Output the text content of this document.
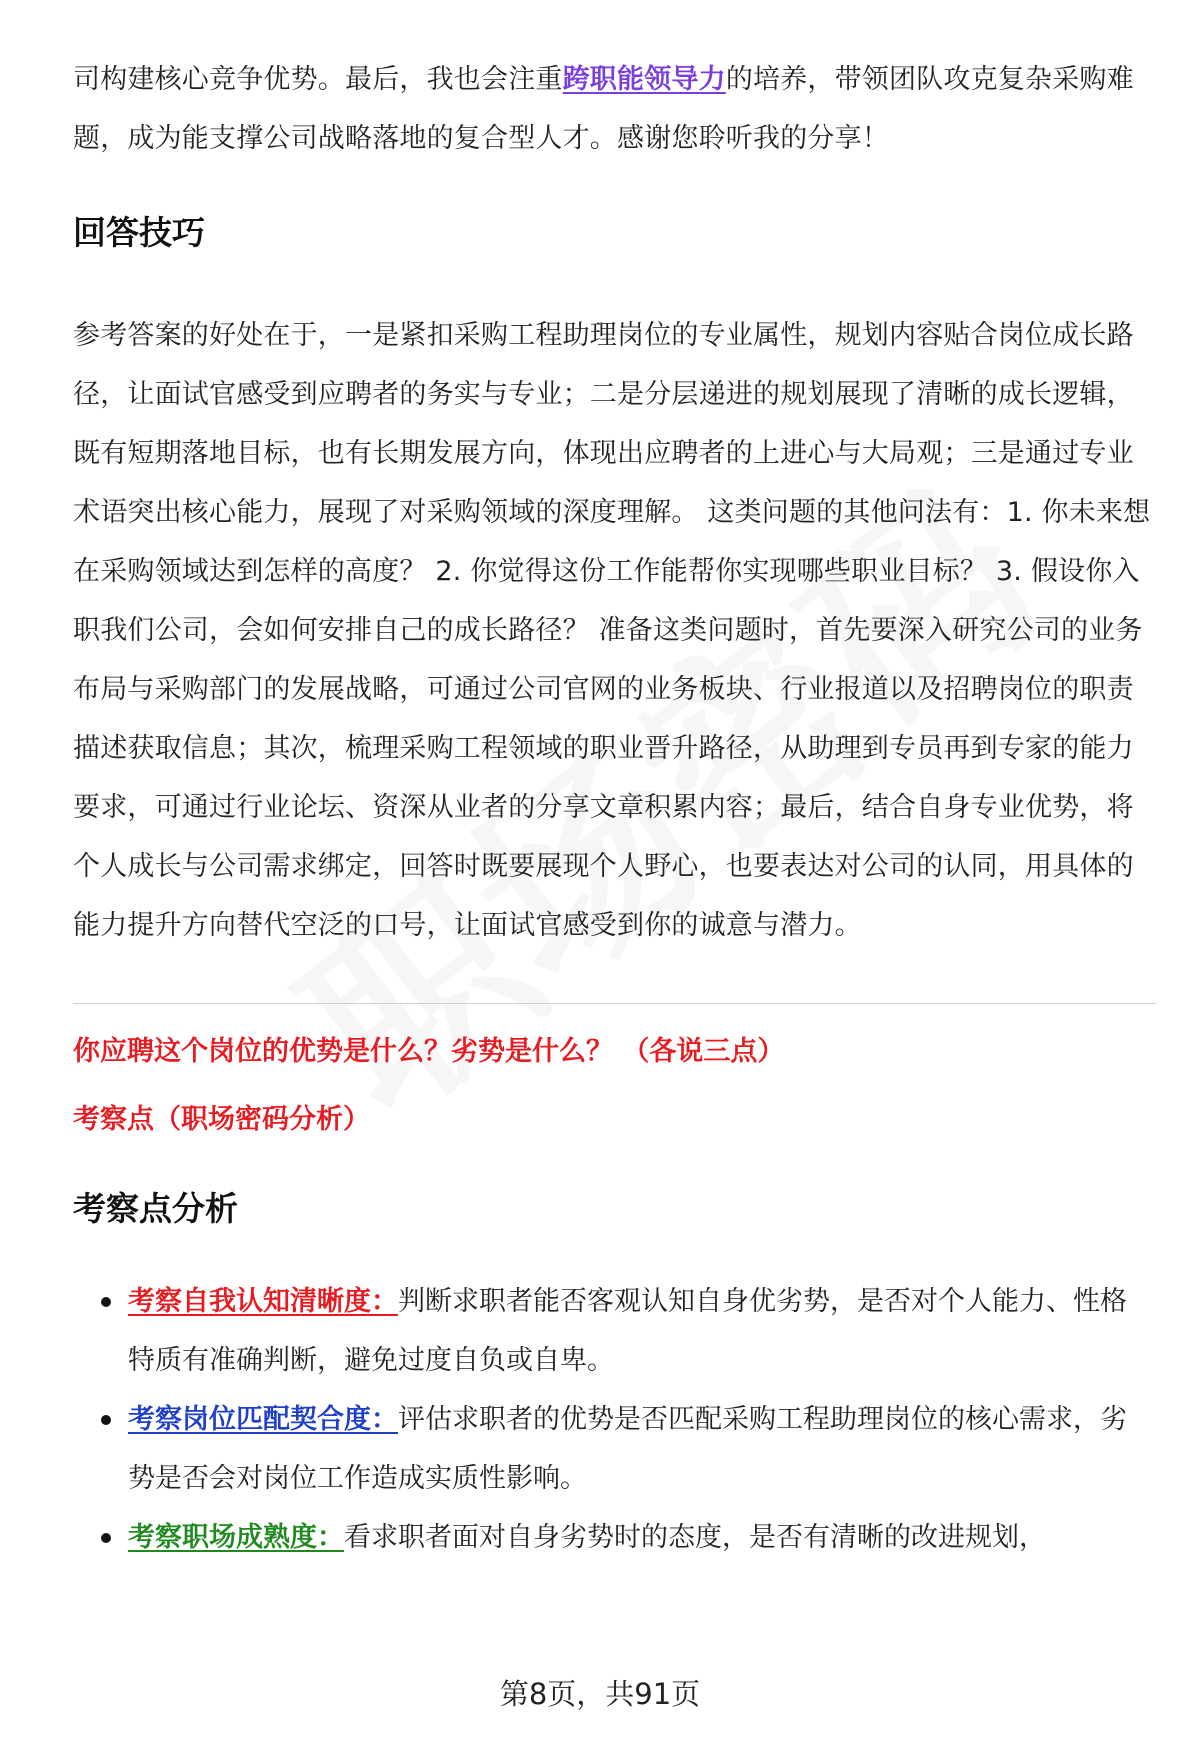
司构建核心竞争优势。最后，我也会注重跨职能领导力的培养，带领团队攻克复杂采购难题，成为能支撑公司战略落地的复合型人才。感谢您聆听我的分享！

回答技巧

参考答案的好处在于，一是紧扣采购工程助理岗位的专业属性，规划内容贴合岗位成长路径，让面试官感受到应聘者的务实与专业；二是分层递进的规划展现了清晰的成长逻辑，既有短期落地目标，也有长期发展方向，体现出应聘者的上进心与大局观；三是通过专业术语突出核心能力，展现了对采购领域的深度理解。 这类问题的其他问法有：1. 你未来想在采购领域达到怎样的高度？ 2. 你觉得这份工作能帮你实现哪些职业目标？ 3. 假设你入职我们公司，会如何安排自己的成长路径？ 准备这类问题时，首先要深入研究公司的业务布局与采购部门的发展战略，可通过公司官网的业务板块、行业报道以及招聘岗位的职责描述获取信息；其次，梳理采购工程领域的职业晋升路径，从助理到专员再到专家的能力要求，可通过行业论坛、资深从业者的分享文章积累内容；最后，结合自身专业优势，将个人成长与公司需求绑定，回答时既要展现个人野心，也要表达对公司的认同，用具体的能力提升方向替代空泛的口号，让面试官感受到你的诚意与潜力。

你应聘这个岗位的优势是什么？劣势是什么？ （各说三点）

考察点（职场密码分析）

考察点分析
考察自我认知清晰度：判断求职者能否客观认知自身优劣势，是否对个人能力、性格特质有准确判断，避免过度自负或自卑。
考察岗位匹配契合度：评估求职者的优势是否匹配采购工程助理岗位的核心需求，劣势是否会对岗位工作造成实质性影响。
考察职场成熟度：看求职者面对自身劣势时的态度，是否有清晰的改进规划，
第8页，共91页
